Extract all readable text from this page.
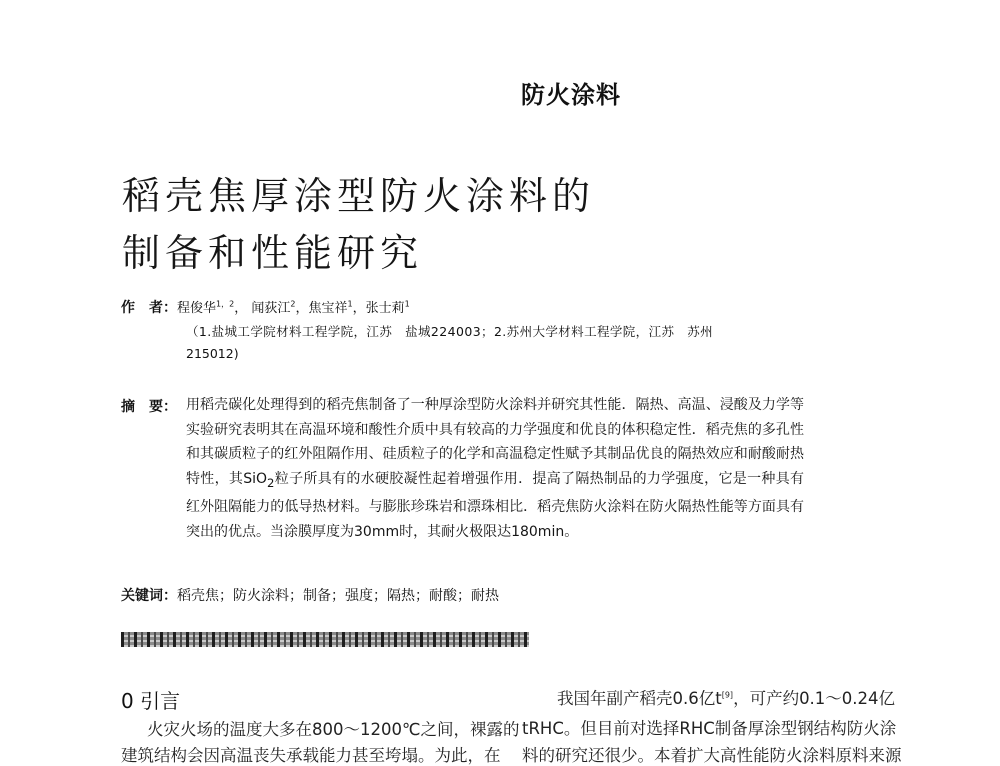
防火涂料
稻壳焦厚涂型防火涂料的
制备和性能研究
作　者：程俊华$^{1,2}$， 闻荻江$^2$，焦宝祥$^1$，张士莉$^1$
（1.盐城工学院材料工程学院，江苏　盐城224003；2.苏州大学材料工程学院，江苏　苏州
215012)
摘　要： 用稻壳碳化处理得到的稻壳焦制备了一种厚涂型防火涂料并研究其性能．隔热、高温、浸酸及力学等实验研究表明其在高温环境和酸性介质中具有较高的力学强度和优良的体积稳定性．稻壳焦的多孔性和其碳质粒子的红外阻隔作用、硅质粒子的化学和高温稳定性赋予其制品优良的隔热效应和耐酸耐热特性，其SiO$_2$粒子所具有的水硬胶凝性起着增强作用．提高了隔热制品的力学强度，它是一种具有红外阻隔能力的低导热材料。与膨胀珍珠岩和漂珠相比．稻壳焦防火涂料在防火隔热性能等方面具有突出的优点。当涂膜厚度为30mm时，其耐火极限达180min。
关键词：稻壳焦；防火涂料；制备；强度；隔热；耐酸；耐热
0 引言
火灾火场的温度大多在800～1200℃之间，裸露的
建筑结构会因高温丧失承载能力甚至垮塌。为此，在
我国年副产稻壳0.6亿t[9]，可产约0.1～0.24亿
tRHC。但目前对选择RHC制备厚涂型钢结构防火涂
料的研究还很少。本着扩大高性能防火涂料原料来源
